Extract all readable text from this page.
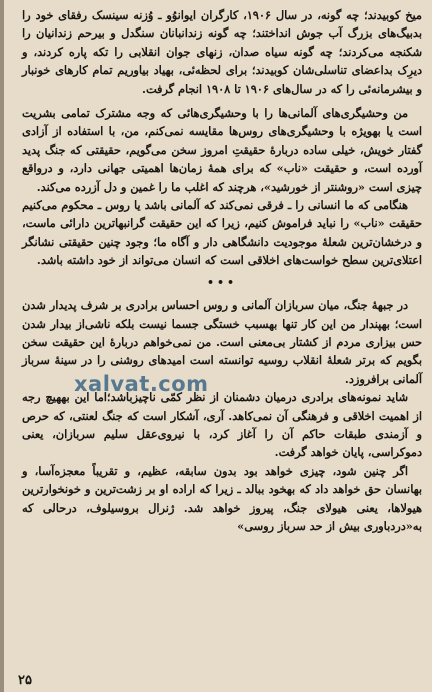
میخ کوبیدند؛ چه گونه، در سال ۱۹۰۶، کارگران ایوانوُو ـ وُزنه‌ سینسک رفقای خود را بدبیگ‌های بزرگ آب جوش انداختند؛ چه گونه زندانبانان سنگدل و بیرحم زندانیان را شکنجه می‌کردند؛ چه گونه سیاه صدان، زنهای جوان انقلابی را تکه پاره کردند، و دیرِک بداعضای تناسلی‌شان کوبیدند؛ برای لحظه‌ئی، بهیاد بیاوریم تمام کارهای خونبار و بیشرمانه‌ئی را که در سال‌های ۱۹۰۶ تا ۱۹۰۸ انجام گرفت.

من وحشیگری‌های آلمانی‌ها را با وحشیگری‌هائی که وجه مشترک تمامی بشریت است یا بهویژه با وحشیگری‌های روس‌ها مقایسه نمی‌کنم، من، با استفاده از آزادی گفتار خویش، خیلی ساده دربارهٔ حقیقتِ امروز سخن می‌گویم، حقیقتی که جنگ پدید آورده است، و حقیقت «ناب» که برای همهٔ زمان‌ها اهمیتی جهانی دارد، و درواقع چیزی است «روشنتر از خورشید»، هرچند که اغلب ما را غمین و دل آزرده می‌کند.

هنگامی که ما انسانی را ـ فرقی نمی‌کند که آلمانی باشد یا روس ـ محکوم می‌کنیم حقیقت «ناب» را نباید فراموش کنیم، زیرا که این حقیقت گرانبهاترین دارائی ماست، و درخشان‌ترین شعلهٔ موجودیت دانشگاهی دار و آگاه ما؛ وجود چنین حقیقتی نشانگر اعتلای‌ترین سطح خواست‌های اخلاقی است که انسان می‌تواند از خود داشته باشد.

•••

در جبههٔ جنگ، میان سربازان آلمانی و روس احساس برادری بر شرف پدیدار شدن است؛ بهپندار من این کار تنها بهسبب خستگی جسما نیست بلکه ناشی‌از بیدار شدن حس بیزاری مردم از کشتار بی‌معنی است. من نمی‌خواهم دربارهٔ این حقیقت سخن بگویم که برتر شعلهٔ انقلاب روسیه توانسته است امیدهای روشنی را در سینهٔ سرباز آلمانی برافروزد.

شاید نمونه‌های برادری درمیان دشمنان از نظر کمّی ناچیزباشد؛اما این بههیچ رجه از اهمیت اخلاقی و فرهنگی آن نمی‌کاهد. آری، آشکار است که جنگ لعنتی، که حرص و آزمندی طبقات حاکم آن را آغاز کرد، با نیروی‌عقل سلیم سربازان، یعنی دموکراسی، پایان خواهد گرفت.

اگر چنین شود، چیزی خواهد بود بدون سابقه، عظیم، و تقریباً معجزه‌آسا، و بهانسان حق خواهد داد که بهخود ببالد ـ زیرا که اراده او بر زشت‌ترین و خونخوارترین هیولاها، یعنی هیولای جنگ، پیروز خواهد شد. ژنرال بروسیلوف، درحالی که به«دردباوری بیش از حد سرباز روسی»

xalvat.com
۲۵
